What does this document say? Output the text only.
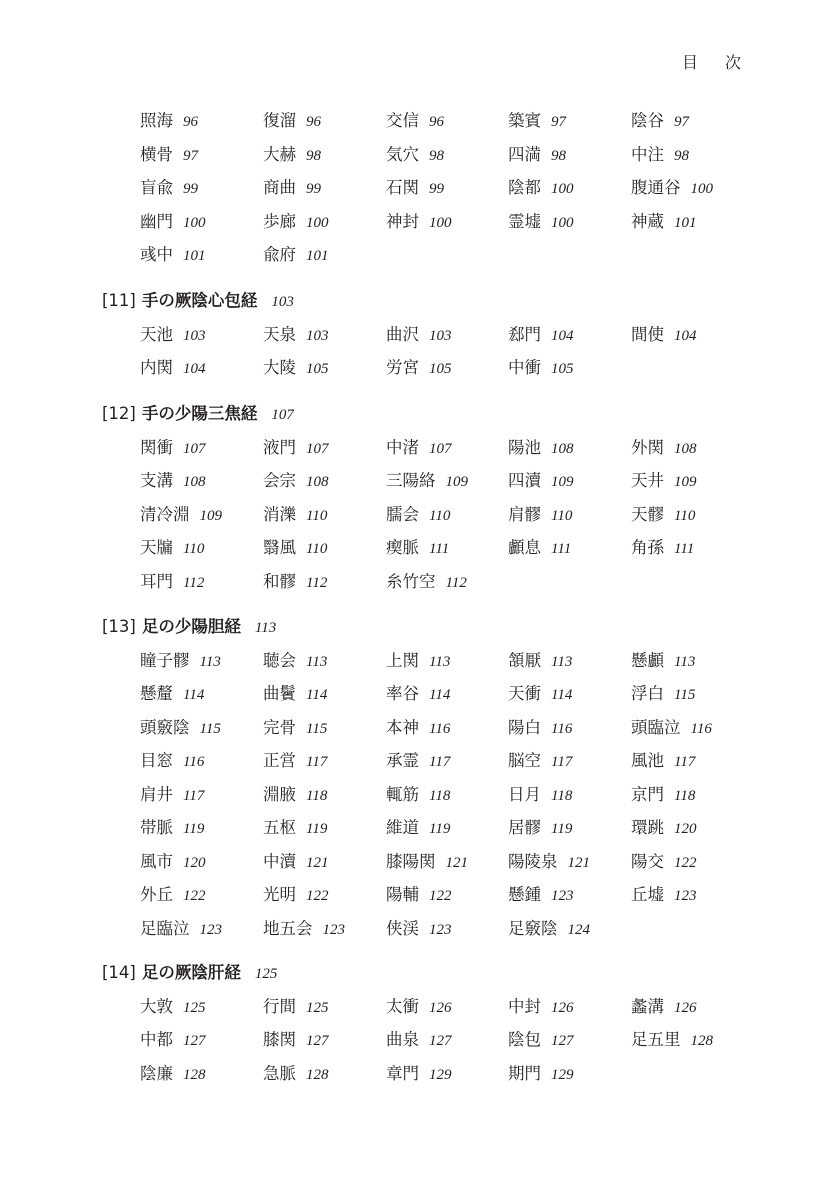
目 次
照海 96	復溜 96	交信 96	築賓 97	陰谷 97
横骨 97	大赫 98	気穴 98	四満 98	中注 98
盲兪 99	商曲 99	石関 99	陰都 100	腹通谷 100
幽門 100	歩廊 100	神封 100	霊墟 100	神蔵 101
彧中 101	兪府 101
[11] 手の厥陰心包経 103
天池 103	天泉 103	曲沢 103	郄門 104	間使 104
内関 104	大陵 105	労宮 105	中衝 105
[12] 手の少陽三焦経 107
関衝 107	液門 107	中渚 107	陽池 108	外関 108
支溝 108	会宗 108	三陽絡 109 四瀆 109	天井 109
清冷淵 109 消濼 110	臑会 110	肩髎 110	天髎 110
天牖 110	翳風 110	瘈脈 111	顱息 111	角孫 111
耳門 112	和髎 112	糸竹空 112
[13] 足の少陽胆経 113
瞳子髎 113	聴会 113	上関 113	頷厭 113	懸顱 113
懸釐 114	曲鬢 114	率谷 114	天衝 114	浮白 115
頭竅陰 115	完骨 115	本神 116	陽白 116	頭臨泣 116
目窓 116	正営 117	承霊 117	脳空 117	風池 117
肩井 117	淵腋 118	輒筋 118	日月 118	京門 118
帯脈 119	五枢 119	維道 119	居髎 119	環跳 120
風市 120	中瀆 121	膝陽関 121 陽陵泉 121 陽交 122
外丘 122	光明 122	陽輔 122	懸鍾 123	丘墟 123
足臨泣 123 地五会 123 侠渓 123	足竅陰 124
[14] 足の厥陰肝経 125
大敦 125	行間 125	太衝 126	中封 126	蠡溝 126
中都 127	膝関 127	曲泉 127	陰包 127	足五里 128
陰廉 128	急脈 128	章門 129	期門 129
